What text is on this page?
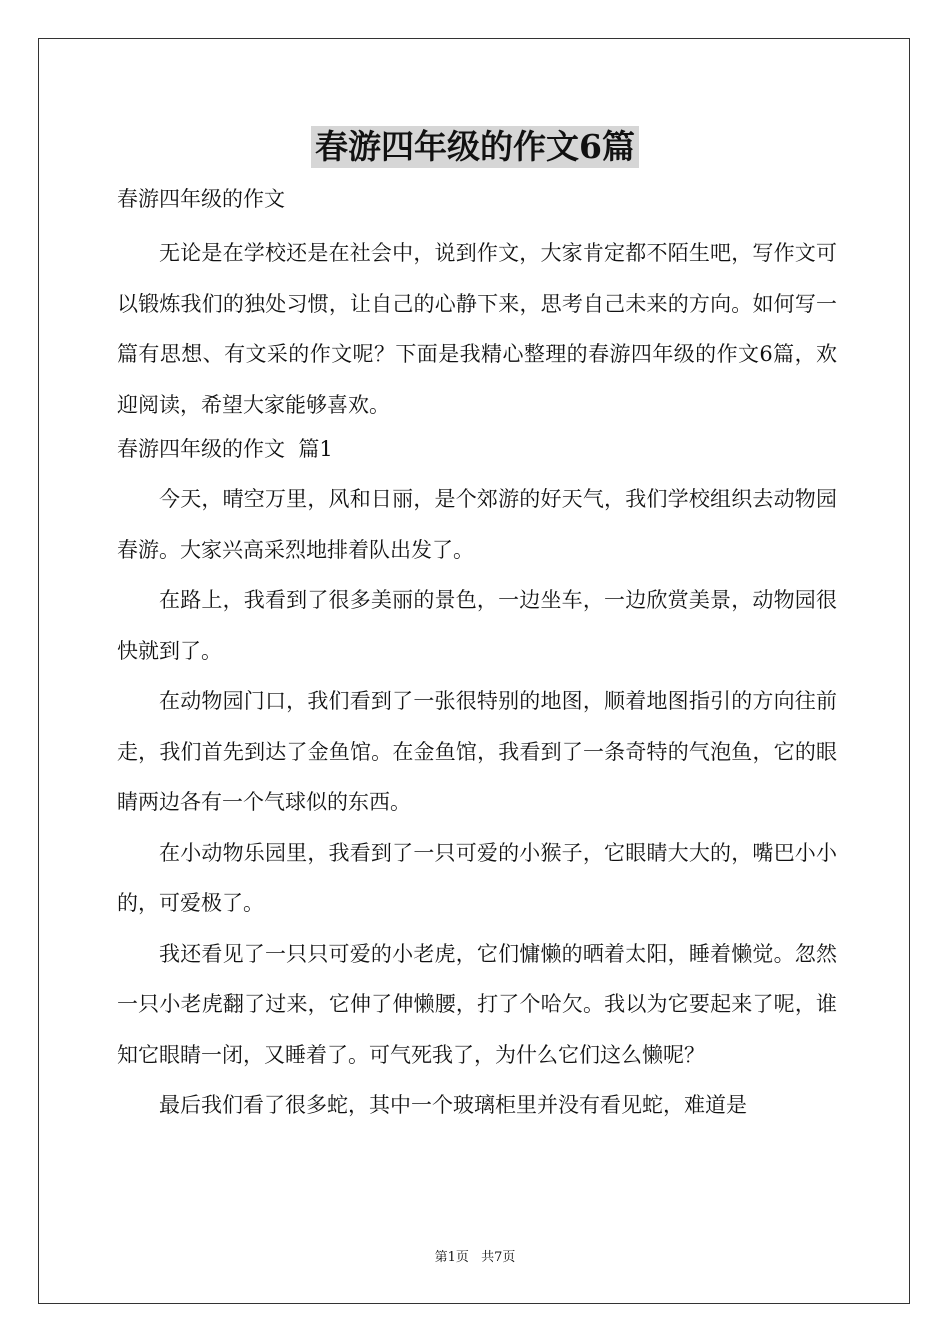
春游四年级的作文6篇
春游四年级的作文

无论是在学校还是在社会中，说到作文，大家肯定都不陌生吧，写作文可以锻炼我们的独处习惯，让自己的心静下来，思考自己未来的方向。如何写一篇有思想、有文采的作文呢？下面是我精心整理的春游四年级的作文6篇，欢迎阅读，希望大家能够喜欢。

春游四年级的作文  篇1

今天，晴空万里，风和日丽，是个郊游的好天气，我们学校组织去动物园春游。大家兴高采烈地排着队出发了。

在路上，我看到了很多美丽的景色，一边坐车，一边欣赏美景，动物园很快就到了。

在动物园门口，我们看到了一张很特别的地图，顺着地图指引的方向往前走，我们首先到达了金鱼馆。在金鱼馆，我看到了一条奇特的气泡鱼，它的眼睛两边各有一个气球似的东西。

在小动物乐园里，我看到了一只可爱的小猴子，它眼睛大大的，嘴巴小小的，可爱极了。

我还看见了一只只可爱的小老虎，它们慵懒的晒着太阳，睡着懒觉。忽然一只小老虎翻了过来，它伸了伸懒腰，打了个哈欠。我以为它要起来了呢，谁知它眼睛一闭，又睡着了。可气死我了，为什么它们这么懒呢？

最后我们看了很多蛇，其中一个玻璃柜里并没有看见蛇，难道是

第1页 共7页
